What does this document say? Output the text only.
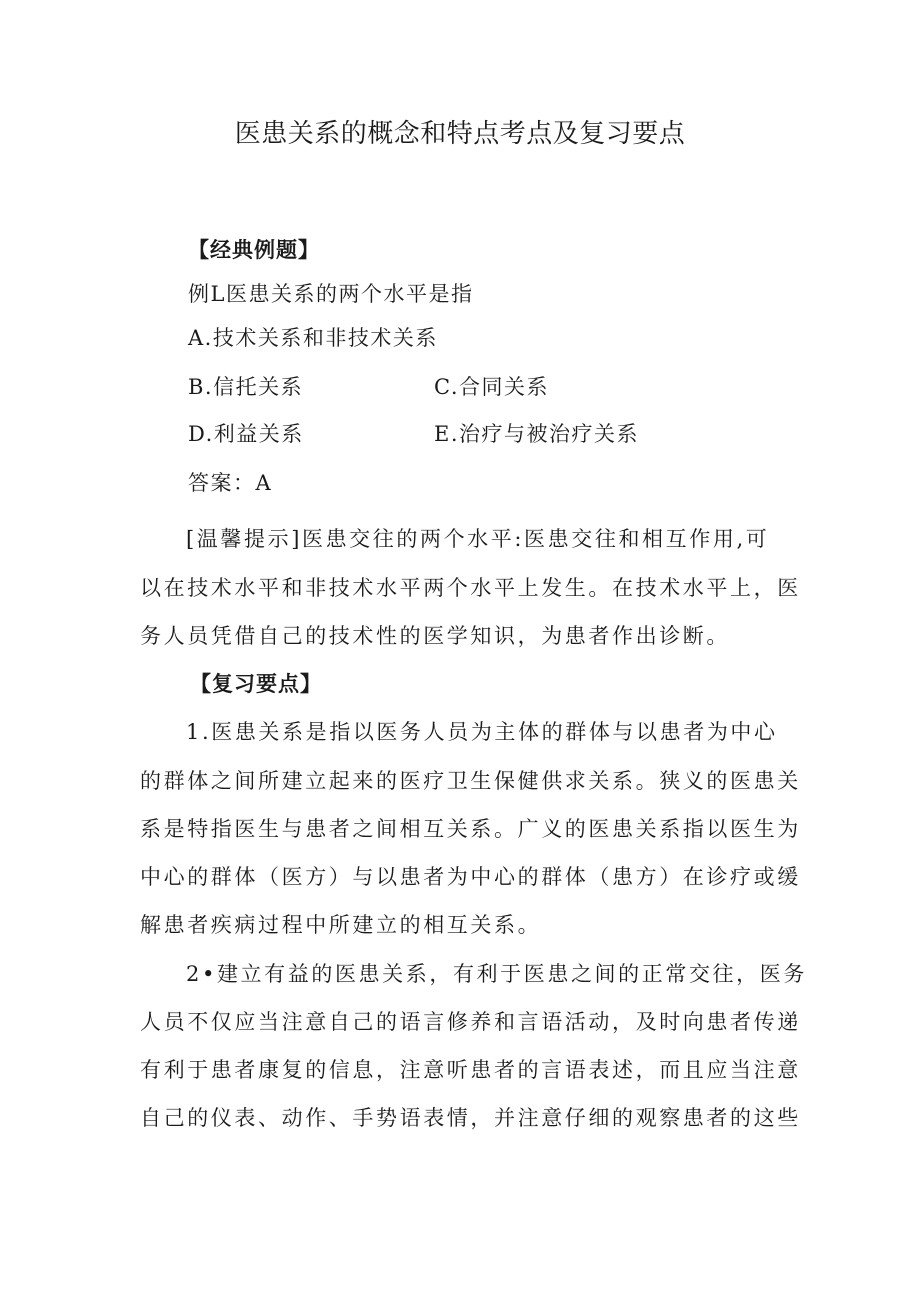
医患关系的概念和特点考点及复习要点
【经典例题】
例L医患关系的两个水平是指
A.技术关系和非技术关系
B.信托关系	C.合同关系
D.利益关系	E.治疗与被治疗关系
答案：A
[温馨提示]医患交往的两个水平:医患交往和相互作用,可
以在技术水平和非技术水平两个水平上发生。在技术水平上，医
务人员凭借自己的技术性的医学知识，为患者作出诊断。
【复习要点】
1.医患关系是指以医务人员为主体的群体与以患者为中心
的群体之间所建立起来的医疗卫生保健供求关系。狭义的医患关
系是特指医生与患者之间相互关系。广义的医患关系指以医生为
中心的群体（医方）与以患者为中心的群体（患方）在诊疗或缓
解患者疾病过程中所建立的相互关系。
2•建立有益的医患关系，有利于医患之间的正常交往，医务
人员不仅应当注意自己的语言修养和言语活动，及时向患者传递
有利于患者康复的信息，注意听患者的言语表述，而且应当注意
自己的仪表、动作、手势语表情，并注意仔细的观察患者的这些
